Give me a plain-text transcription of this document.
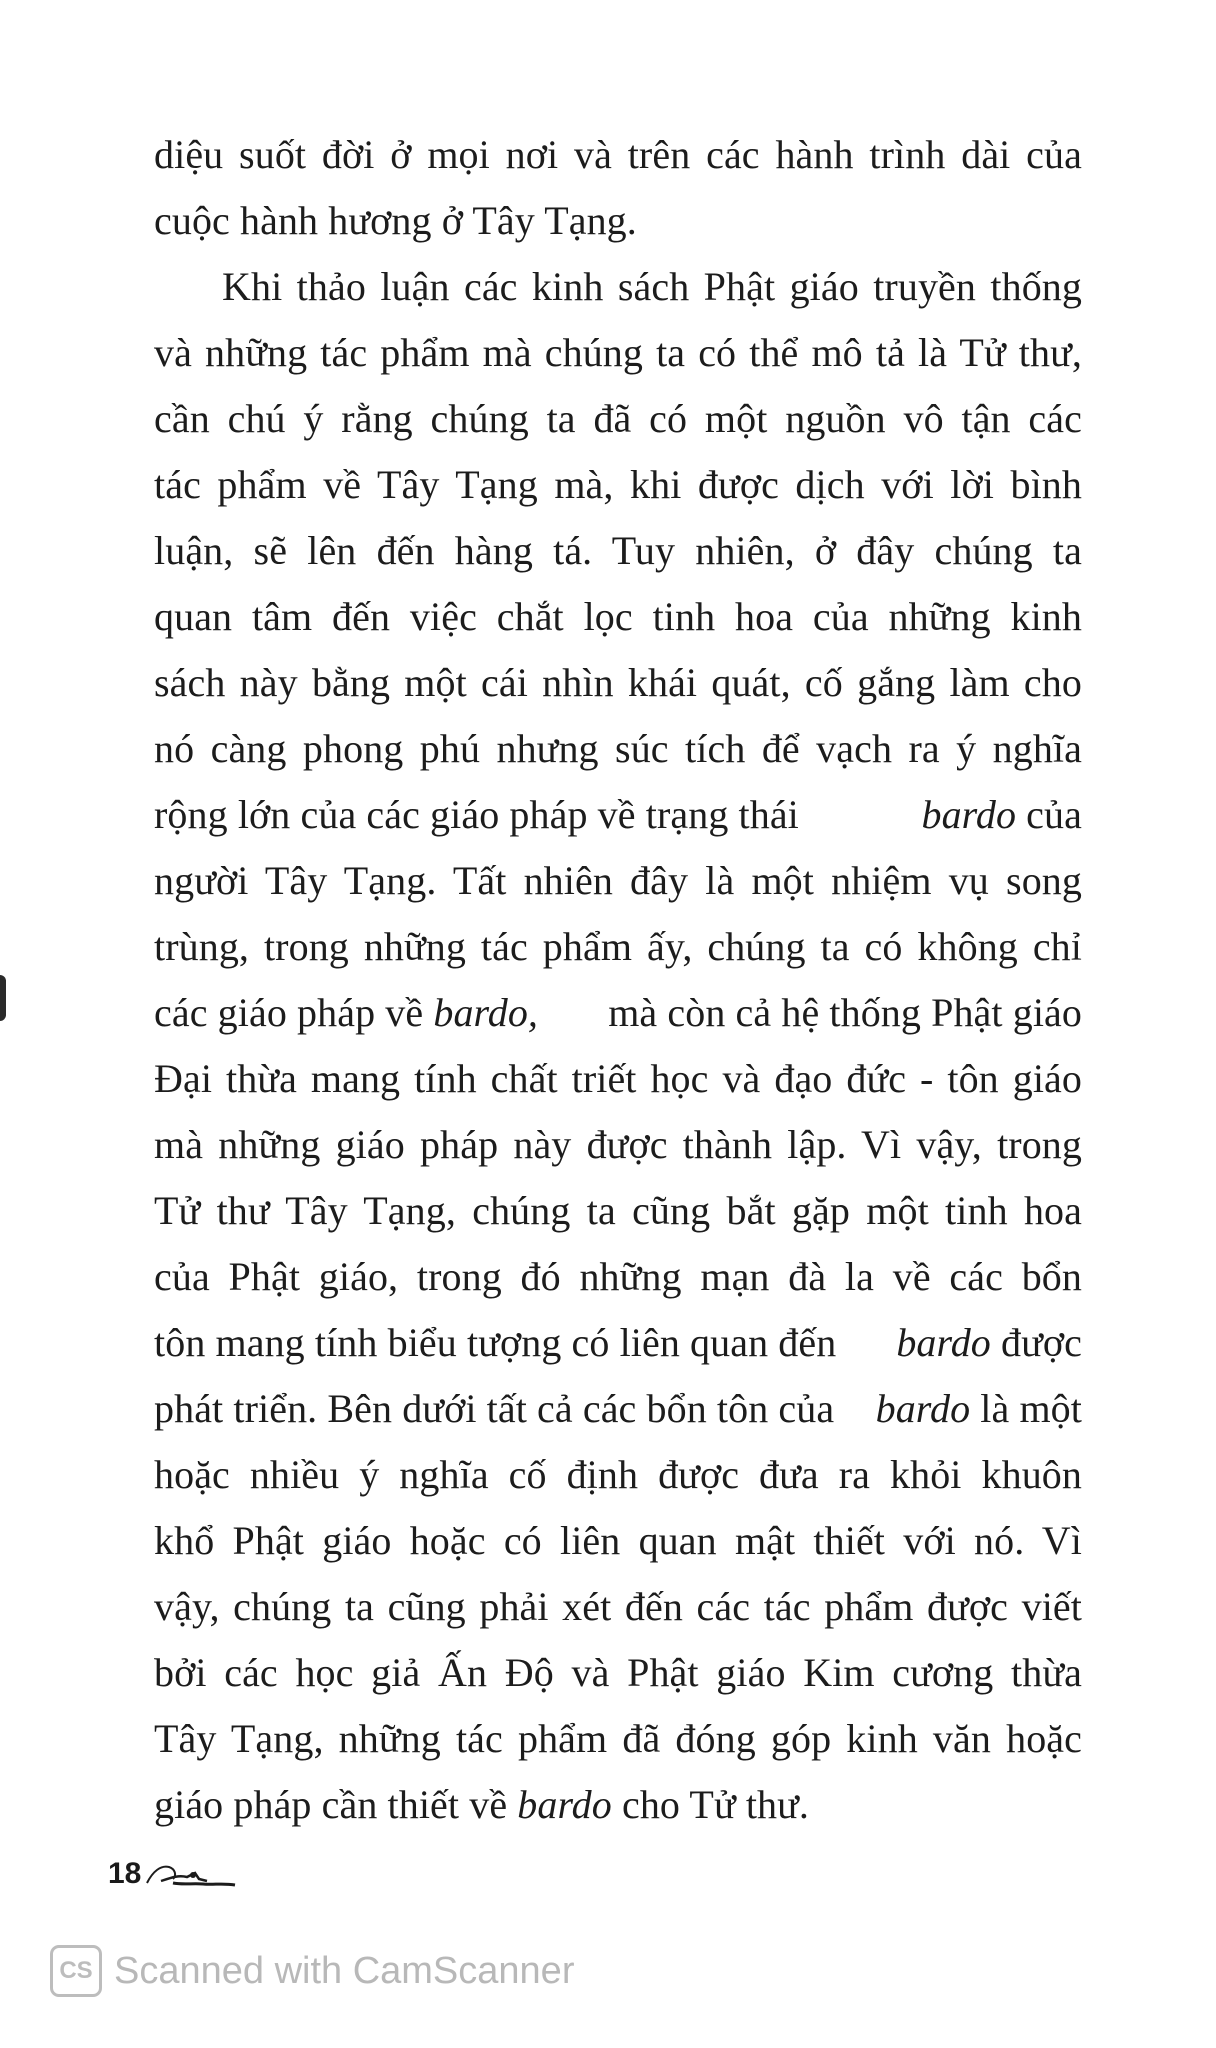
diệu suốt đời ở mọi nơi và trên các hành trình dài của
cuộc hành hương ở Tây Tạng.
Khi thảo luận các kinh sách Phật giáo truyền thống
và những tác phẩm mà chúng ta có thể mô tả là Tử thư,
cần chú ý rằng chúng ta đã có một nguồn vô tận các
tác phẩm về Tây Tạng mà, khi được dịch với lời bình
luận, sẽ lên đến hàng tá. Tuy nhiên, ở đây chúng ta
quan tâm đến việc chắt lọc tinh hoa của những kinh
sách này bằng một cái nhìn khái quát, cố gắng làm cho
nó càng phong phú nhưng súc tích để vạch ra ý nghĩa
rộng lớn của các giáo pháp về trạng thái	bardo của
người Tây Tạng. Tất nhiên đây là một nhiệm vụ song
trùng, trong những tác phẩm ấy, chúng ta có không chỉ
các giáo pháp về bardo, mà còn cả hệ thống Phật giáo
Đại thừa mang tính chất triết học và đạo đức - tôn giáo
mà những giáo pháp này được thành lập. Vì vậy, trong
Tử thư Tây Tạng, chúng ta cũng bắt gặp một tinh hoa
của Phật giáo, trong đó những mạn đà la về các bổn
tôn mang tính biểu tượng có liên quan đến bardo được
phát triển. Bên dưới tất cả các bổn tôn của bardo là một
hoặc nhiều ý nghĩa cố định được đưa ra khỏi khuôn
khổ Phật giáo hoặc có liên quan mật thiết với nó. Vì
vậy, chúng ta cũng phải xét đến các tác phẩm được viết
bởi các học giả Ấn Độ và Phật giáo Kim cương thừa
Tây Tạng, những tác phẩm đã đóng góp kinh văn hoặc
giáo pháp cần thiết về bardo cho Tử thư.
18
CS Scanned with CamScanner
